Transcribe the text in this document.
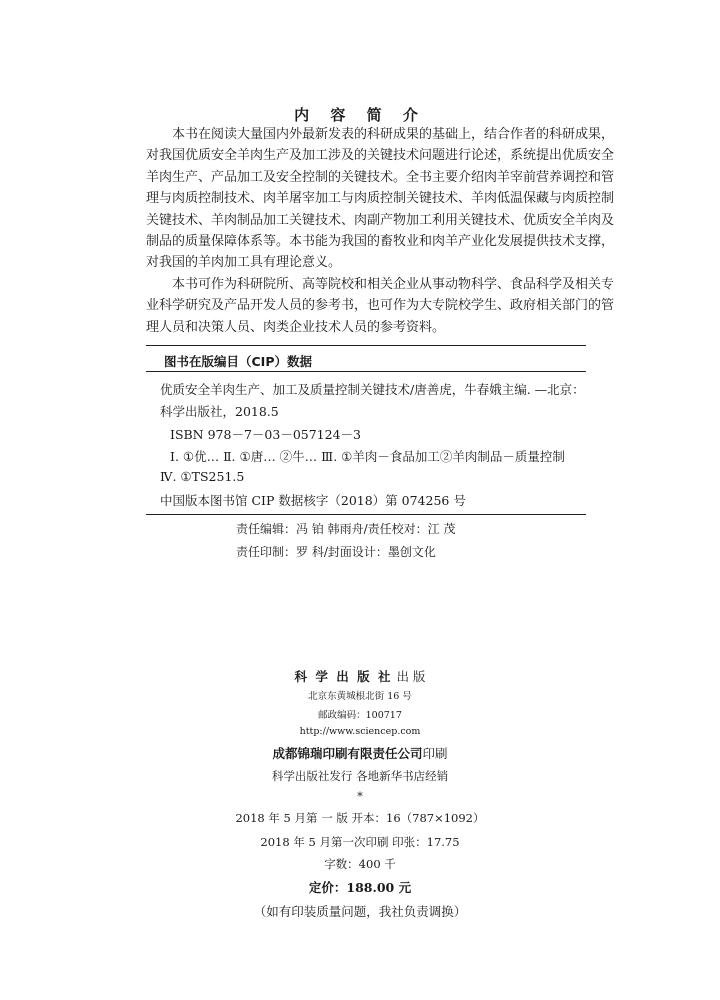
内 容 简 介
本书在阅读大量国内外最新发表的科研成果的基础上，结合作者的科研成果，
对我国优质安全羊肉生产及加工涉及的关键技术问题进行论述，系统提出优质安全
羊肉生产、产品加工及安全控制的关键技术。全书主要介绍肉羊宰前营养调控和管
理与肉质控制技术、肉羊屠宰加工与肉质控制关键技术、羊肉低温保藏与肉质控制
关键技术、羊肉制品加工关键技术、肉副产物加工利用关键技术、优质安全羊肉及
制品的质量保障体系等。本书能为我国的畜牧业和肉羊产业化发展提供技术支撑，
对我国的羊肉加工具有理论意义。
本书可作为科研院所、高等院校和相关企业从事动物科学、食品科学及相关专
业科学研究及产品开发人员的参考书，也可作为大专院校学生、政府相关部门的管
理人员和决策人员、肉类企业技术人员的参考资料。
图书在版编目（CIP）数据
优质安全羊肉生产、加工及质量控制关键技术/唐善虎，牛春娥主编. —北京：
科学出版社，2018.5
ISBN 978－7－03－057124－3
Ⅰ. ①优… Ⅱ. ①唐… ②牛… Ⅲ. ①羊肉－食品加工②羊肉制品－质量控制
Ⅳ. ①TS251.5
中国版本图书馆 CIP 数据核字（2018）第 074256 号
责任编辑：冯 铂 韩雨舟/责任校对：江 茂
责任印制：罗 科/封面设计：墨创文化
科 学 出 版 社 出 版
北京东黄城根北街 16 号
邮政编码：100717
http://www.sciencep.com
成都锦瑞印刷有限责任公司印刷
科学出版社发行 各地新华书店经销
*
2018 年 5 月第 一 版 开本：16（787×1092）
2018 年 5 月第一次印刷 印张：17.75
字数：400 千
定价：188.00 元
（如有印装质量问题，我社负责调换）
